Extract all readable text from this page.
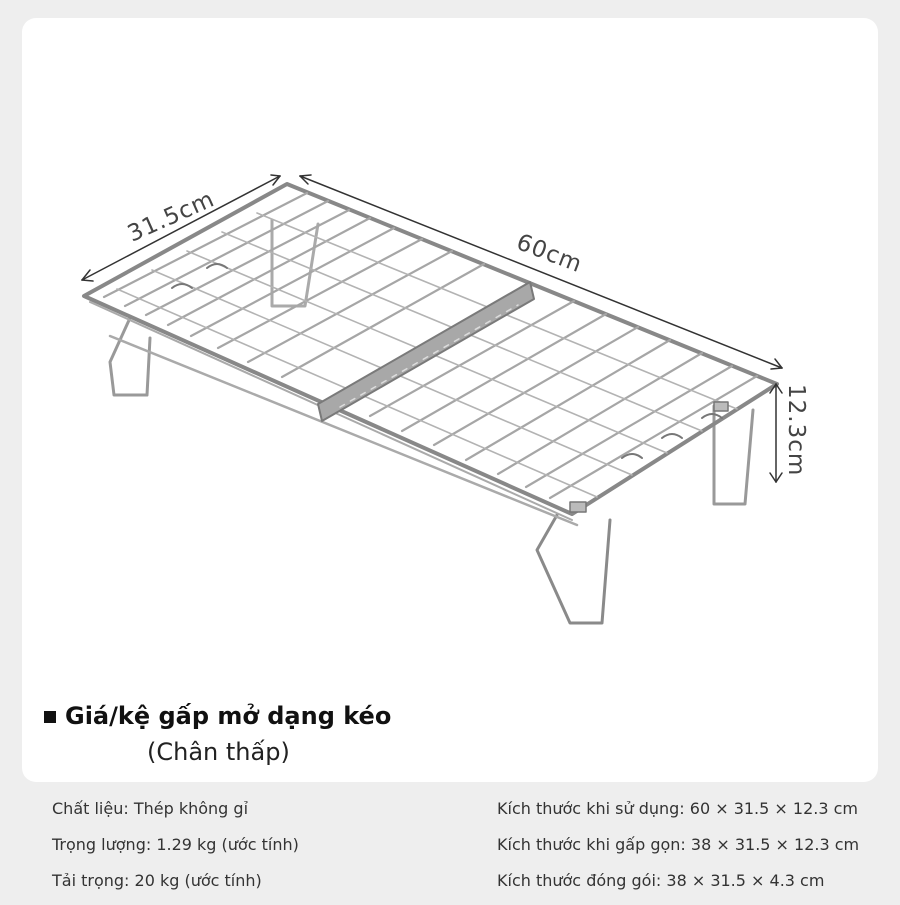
31.5cm
60cm
12.3cm
Giá/kệ gấp mở dạng kéo
(Chân thấp)
Chất liệu: Thép không gỉ
Trọng lượng: 1.29 kg (ước tính)
Tải trọng: 20 kg (ước tính)
Kích thước khi sử dụng: 60 × 31.5 × 12.3 cm
Kích thước khi gấp gọn: 38 × 31.5 × 12.3 cm
Kích thước đóng gói: 38 × 31.5 × 4.3 cm
